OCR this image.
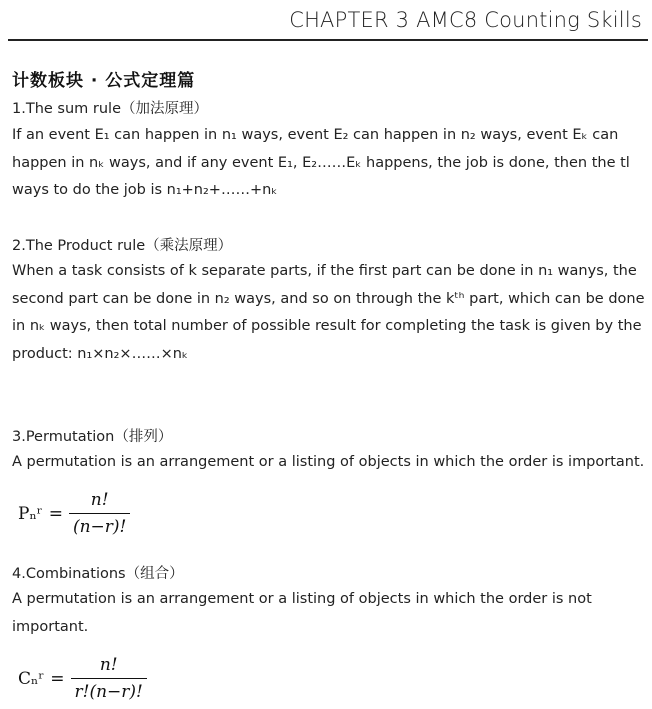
CHAPTER 3 AMC8 Counting Skills
计数板块 · 公式定理篇
1.The sum rule（加法原理）
If an event E₁ can happen in n₁ ways, event E₂ can happen in n₂ ways, event Eₖ can
happen in nₖ ways, and if any event E₁, E₂……Eₖ happens, the job is done, then the tl
ways to do the job is n₁+n₂+……+nₖ
2.The Product rule（乘法原理）
When a task consists of k separate parts, if the first part can be done in n₁ wanys, the
second part can be done in n₂ ways, and so on through the kᵗʰ part, which can be done
in nₖ ways, then total number of possible result for completing the task is given by the
product: n₁×n₂×……×nₖ
3.Permutation（排列）
A permutation is an arrangement or a listing of objects in which the order is important.
Pₙʳ = $\frac{n!}{(n-r)!}$
4.Combinations（组合）
A permutation is an arrangement or a listing of objects in which the order is not
important.
Cₙʳ = $\frac{n!}{r!(n-r)!}$
